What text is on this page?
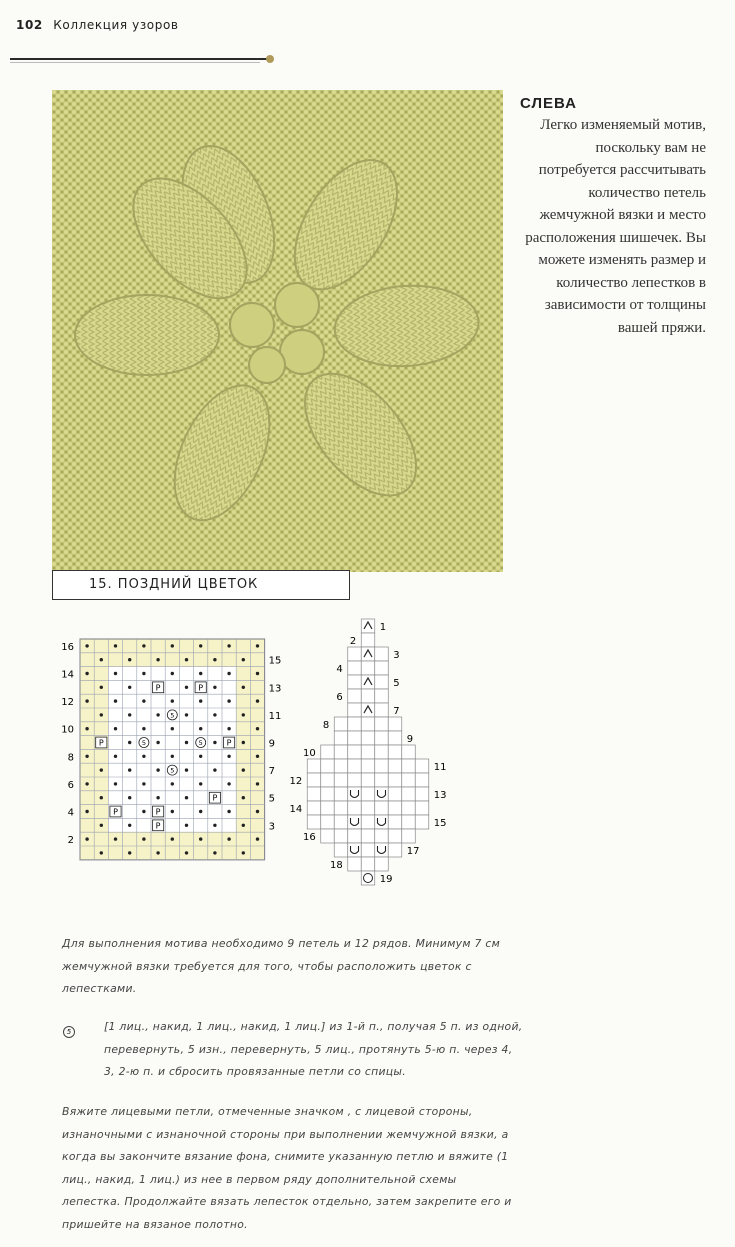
102 Коллекция узоров
СЛЕВА
Легко изменяемый мотив, поскольку вам не потребуется рассчитывать количество петель жемчужной вязки и место расположения шишечек. Вы можете изменять размер и количество лепестков в зависимости от толщины вашей пряжи.
15. ПОЗДНИЙ ЦВЕТОК
P	P
P	P
P	P
P
P
5
5	5
5
16
14
12
10
8
6
4
2
15
13
11
9
7
5
3
18
16
14
12
10
8
6
4
2
19
17
15
13
11
9
7
5
3
1
Для выполнения мотива необходимо 9 петель и 12 рядов. Минимум 7 см жемчужной вязки требуется для того, чтобы расположить цветок с лепестками.
5	[1 лиц., накид, 1 лиц., накид, 1 лиц.] из 1-й п., получая 5 п. из одной, перевернуть, 5 изн., перевернуть, 5 лиц., протянуть 5-ю п. через 4, 3, 2-ю п. и сбросить провязанные петли со спицы.
Вяжите лицевыми петли, отмеченные значком , с лицевой стороны, изнаночными с изнаночной стороны при выполнении жемчужной вязки, а когда вы закончите вязание фона, снимите указанную петлю и вяжите (1 лиц., накид, 1 лиц.) из нее в первом ряду дополнительной схемы лепестка. Продолжайте вязать лепесток отдельно, затем закрепите его и пришейте на вязаное полотно.
